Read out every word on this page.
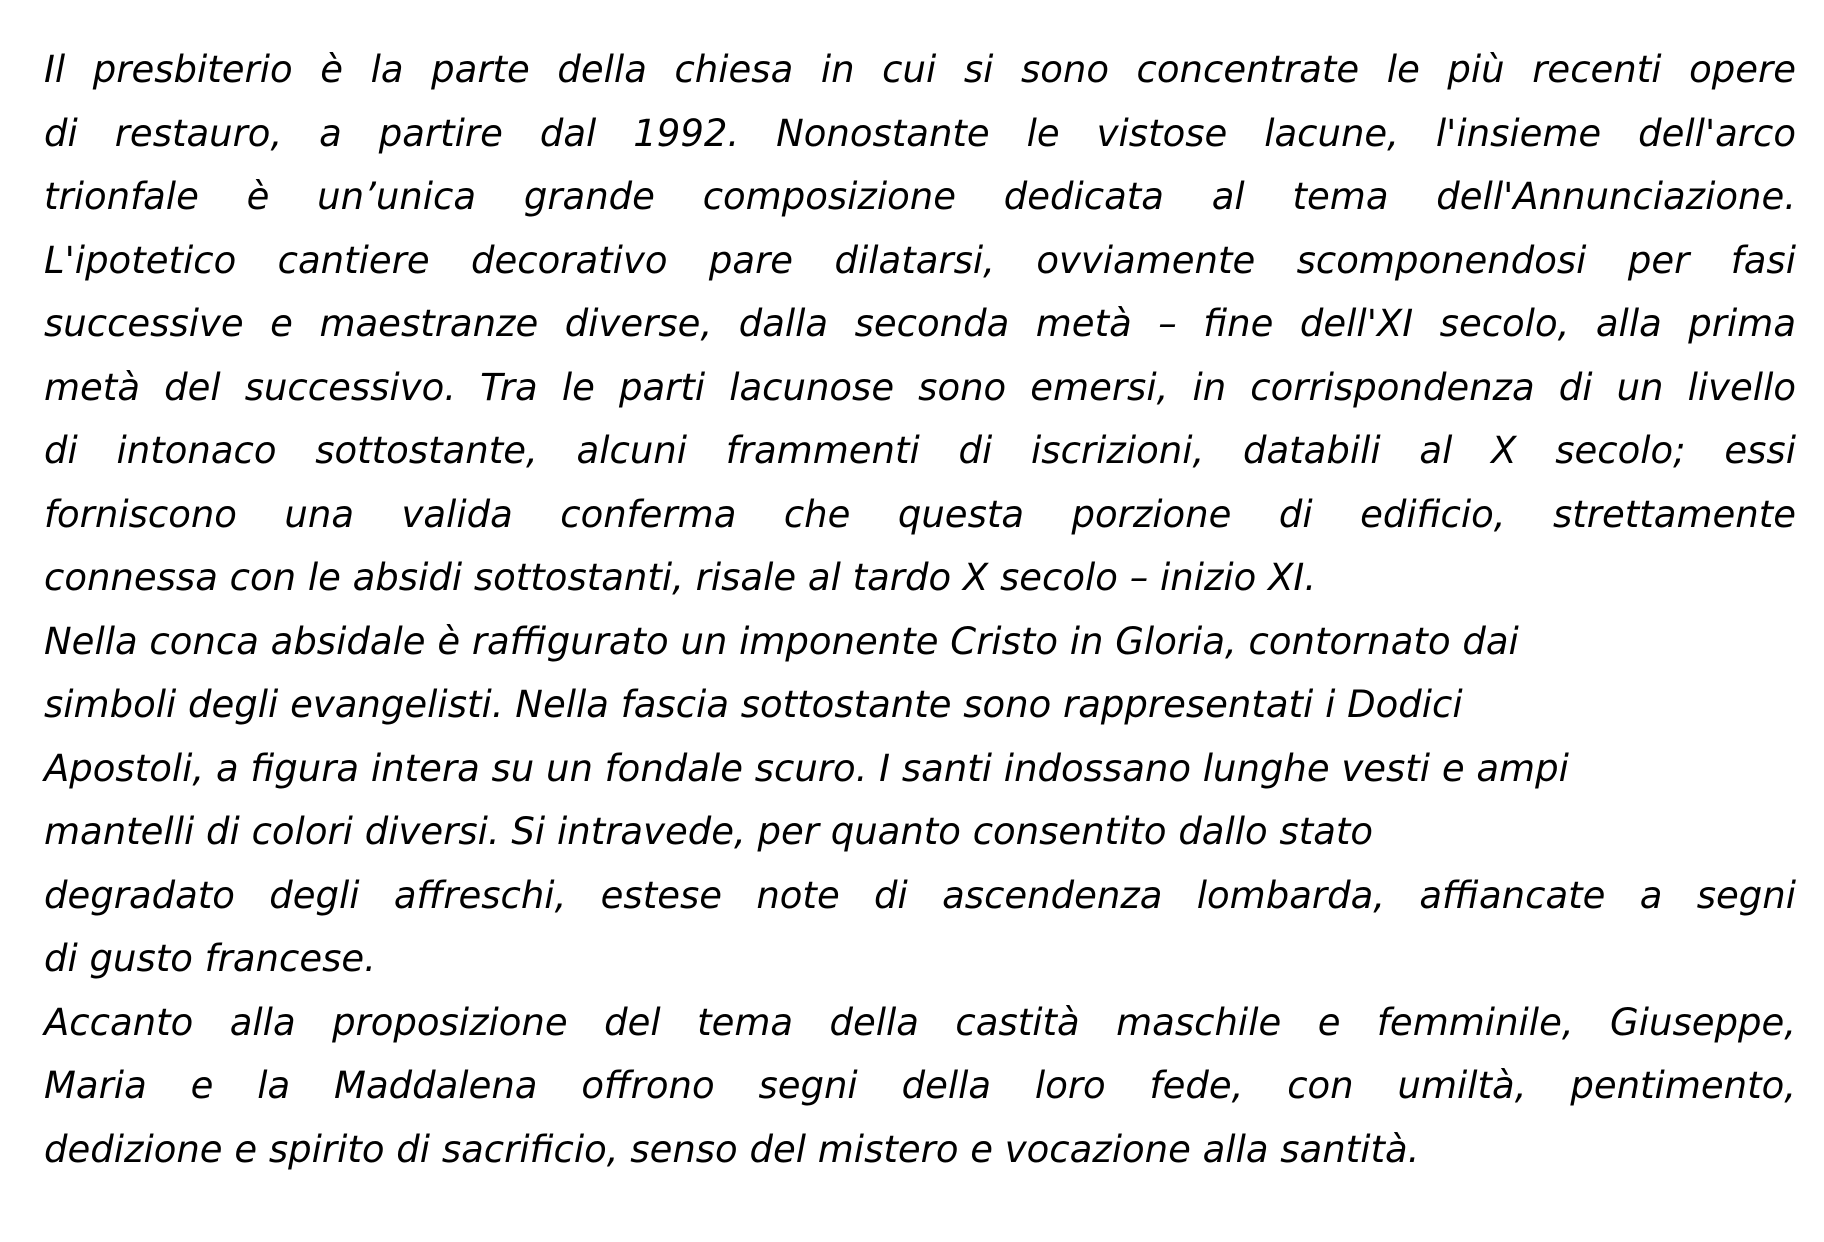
Il presbiterio è la parte della chiesa in cui si sono concentrate le più recenti opere
di restauro, a partire dal 1992. Nonostante le vistose lacune, l'insieme dell'arco
trionfale è un’unica grande composizione dedicata al tema dell'Annunciazione.
L'ipotetico cantiere decorativo pare dilatarsi, ovviamente scomponendosi per fasi
successive e maestranze diverse, dalla seconda metà – fine dell'XI secolo, alla prima
metà del successivo. Tra le parti lacunose sono emersi, in corrispondenza di un livello
di intonaco sottostante, alcuni frammenti di iscrizioni, databili al X secolo; essi
forniscono una valida conferma che questa porzione di edificio, strettamente
connessa con le absidi sottostanti, risale al tardo X secolo – inizio XI.
Nella conca absidale è raffigurato un imponente Cristo in Gloria, contornato dai
simboli degli evangelisti. Nella fascia sottostante sono rappresentati i Dodici
Apostoli, a figura intera su un fondale scuro. I santi indossano lunghe vesti e ampi
mantelli di colori diversi. Si intravede, per quanto consentito dallo stato
degradato degli affreschi, estese note di ascendenza lombarda, affiancate a segni
di gusto francese.
Accanto alla proposizione del tema della castità maschile e femminile, Giuseppe,
Maria e la Maddalena offrono segni della loro fede, con umiltà, pentimento,
dedizione e spirito di sacrificio, senso del mistero e vocazione alla santità.
